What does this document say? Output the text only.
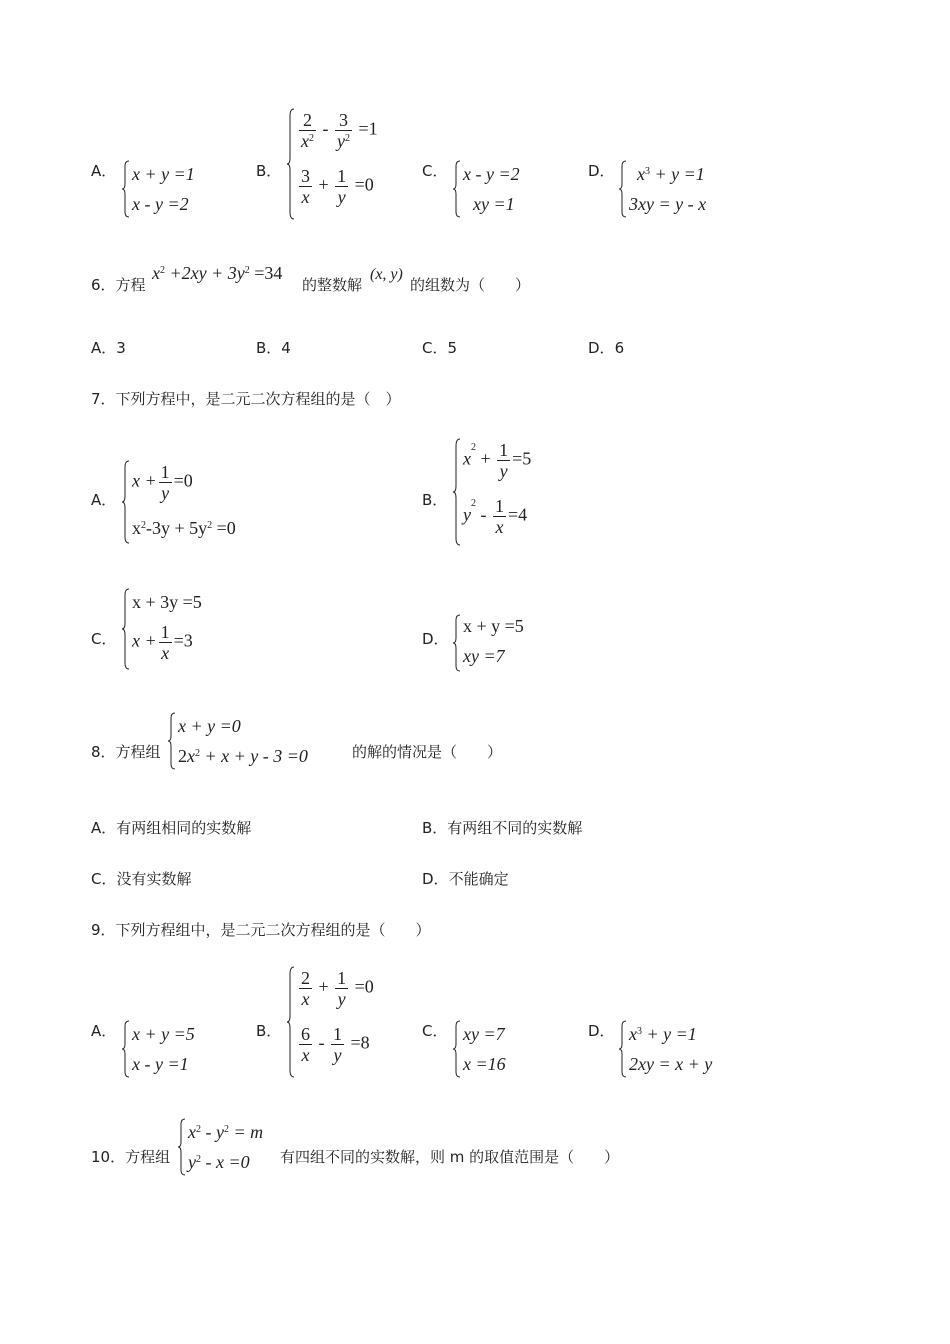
A． x + y =1
x - y =2
B．
$\frac{2}{x^2} - \frac{3}{y^2} =1$
$\frac{3}{x} + \frac{1}{y} =0$
C． x - y =2
xy =1
D． $x^3 + y =1$
3xy = y - x
6．方程
$x^2 +2xy + 3y^2 =34$
的整数解
(x, y)
的组数为（　　）
A．3	B．4	C．5	D．6
7．下列方程中，是二元二次方程组的是（　）
A．
$x + \frac{1}{y} =0$
$x^2-3y + 5y^2 =0$
B．
$x^2 + \frac{1}{y} =5$
$y^2 - \frac{1}{x} =4$
C．
x + 3y =5
$x + \frac{1}{x} =3$	D．
x + y =5
xy =7
8．方程组
x + y =0
$2x^2 + x + y - 3 =0$	的解的情况是（　　）
A．有两组相同的实数解	B．有两组不同的实数解
C．没有实数解	D．不能确定
9．下列方程组中，是二元二次方程组的是（　　）
A． x + y =5
x - y =1
B．
$\frac{2}{x} + \frac{1}{y} =0$
$\frac{6}{x} - \frac{1}{y} =8$
C． xy =7
x =16
D． $x^3 + y =1$
2xy = x + y
10．方程组
$x^2 - y^2 = m$
$y^2 - x =0$ 有四组不同的实数解，则 m 的取值范围是（　　）
